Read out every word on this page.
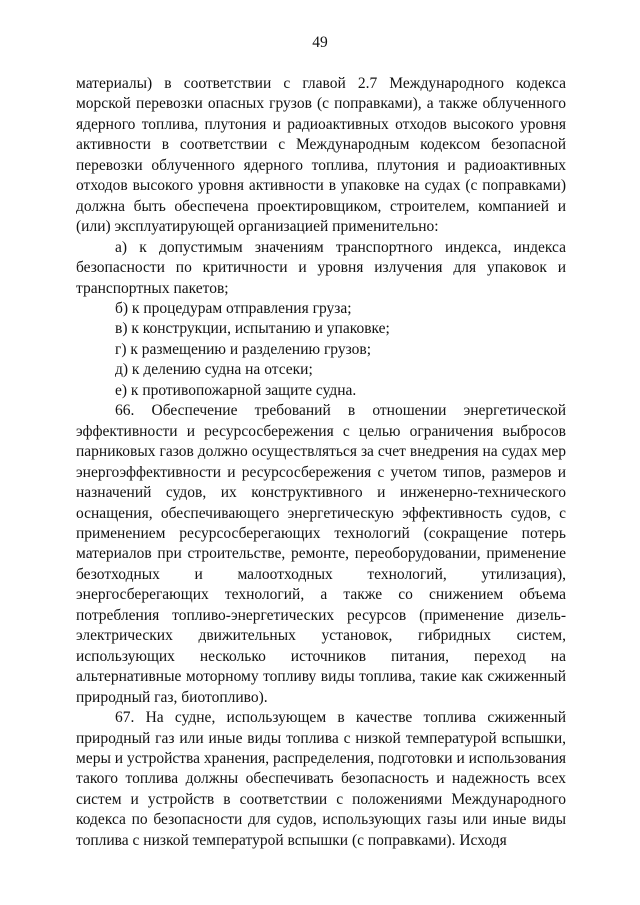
49

материалы) в соответствии с главой 2.7 Международного кодекса морской перевозки опасных грузов (с поправками), а также облученного ядерного топлива, плутония и радиоактивных отходов высокого уровня активности в соответствии с Международным кодексом безопасной перевозки облученного ядерного топлива, плутония и радиоактивных отходов высокого уровня активности в упаковке на судах (с поправками) должна быть обеспечена проектировщиком, строителем, компанией и (или) эксплуатирующей организацией применительно:

а) к допустимым значениям транспортного индекса, индекса безопасности по критичности и уровня излучения для упаковок и транспортных пакетов;

б) к процедурам отправления груза;

в) к конструкции, испытанию и упаковке;

г) к размещению и разделению грузов;

д) к делению судна на отсеки;

е) к противопожарной защите судна.

66. Обеспечение требований в отношении энергетической эффективности и ресурсосбережения с целью ограничения выбросов парниковых газов должно осуществляться за счет внедрения на судах мер энергоэффективности и ресурсосбережения с учетом типов, размеров и назначений судов, их конструктивного и инженерно-технического оснащения, обеспечивающего энергетическую эффективность судов, с применением ресурсосберегающих технологий (сокращение потерь материалов при строительстве, ремонте, переоборудовании, применение безотходных и малоотходных технологий, утилизация), энергосберегающих технологий, а также со снижением объема потребления топливо-энергетических ресурсов (применение дизель-электрических движительных установок, гибридных систем, использующих несколько источников питания, переход на альтернативные моторному топливу виды топлива, такие как сжиженный природный газ, биотопливо).

67. На судне, использующем в качестве топлива сжиженный природный газ или иные виды топлива с низкой температурой вспышки, меры и устройства хранения, распределения, подготовки и использования такого топлива должны обеспечивать безопасность и надежность всех систем и устройств в соответствии с положениями Международного кодекса по безопасности для судов, использующих газы или иные виды топлива с низкой температурой вспышки (с поправками). Исходя
